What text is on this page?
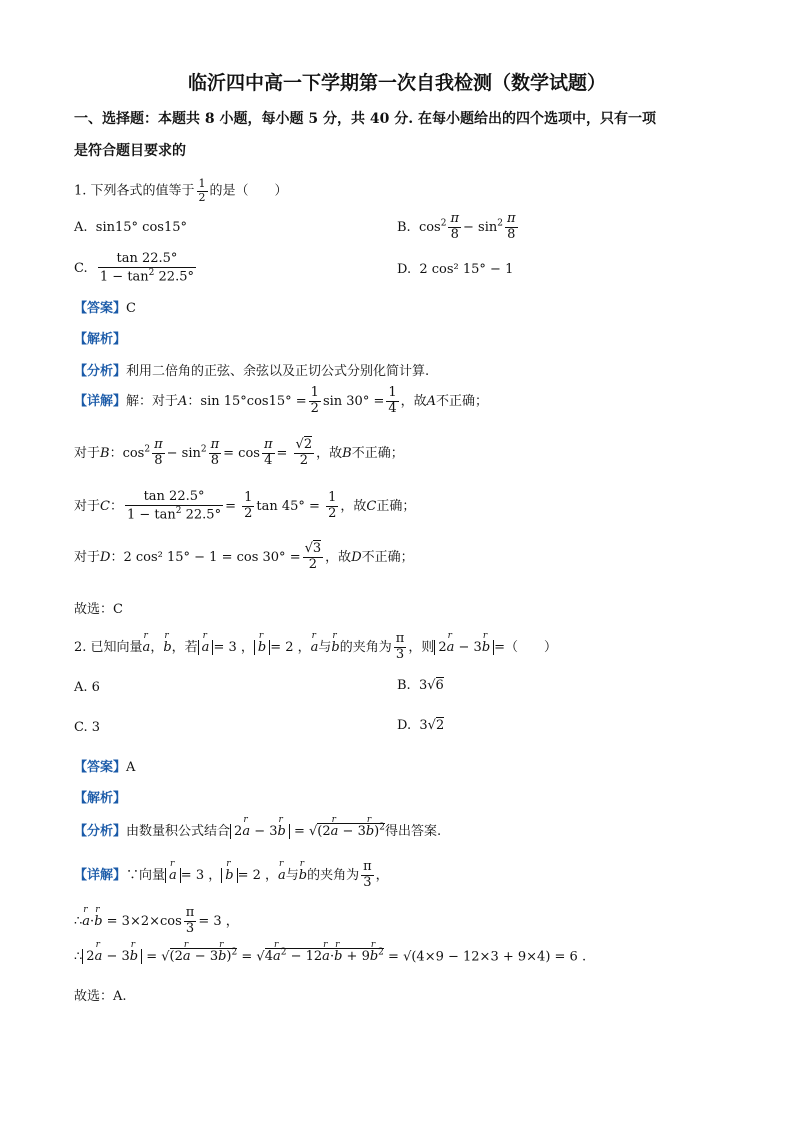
临沂四中高一下学期第一次自我检测（数学试题）
一、选择题：本题共 8 小题，每小题 5 分，共 40 分. 在每小题给出的四个选项中，只有一项
是符合题目要求的
1. 下列各式的值等于 $\frac{1}{2}$ 的是（　　）
A. sin15° cos15°	B.  $\cos^2 \frac{\pi}{8} - \sin^2 \frac{\pi}{8}$
C. $\frac{\tan 22.5^\circ}{1 - \tan^2 22.5^\circ}$	D. 2 cos² 15° − 1
【答案】C
【解析】
【分析】利用二倍角的正弦、余弦以及正切公式分别化简计算.
【详解】解：对于A：$\sin 15^\circ\cos 15^\circ = \frac{1}{2}$ $\sin 30^\circ = \frac{1}{4}$ ，故A不正确；
对于B：$\cos^2 \frac{\pi}{8} - \sin^2 \frac{\pi}{8} = \cos \frac{\pi}{4} = \frac{√2}{2}$ ，故B不正确；
对于C： $\frac{\tan 22.5^\circ}{1 - \tan^2 22.5^\circ} = \frac{1}{2}$ $\tan 45^\circ = \frac{1}{2}$ ，故C正确；
对于D：2 cos² $15^\circ - 1 = \cos 30^\circ = \frac{√3}{2}$ ，故D不正确；
故选：C
2. 已知向量r a，r b，若 r a = 3 ， r b = 2 ，r a与r b的夹角为 $\frac{\pi}{3}$ ，则 2r a − 3r b =（　　）
A. 6	B. 3√6
C. 3	D. 3√2
【答案】A
【解析】
【分析】由数量积公式结合 2r a − 3r b = √(2r a − 3r b)$^2$得出答案.
【详解】∵向量 r a = 3 ， r b = 2 ，r a与r b的夹角为 $\frac{\pi}{3}$ ，
∴r a·r $b = 3\times 2\times\cos \frac{\pi}{3} = 3$ ，
∴ 2r a − 3r b = √(2r a − 3r b)$^2$ = √4r $a^2 - 12r$ a·r b + 9r $b^2 = √(4\times 9 - 12\times 3 + 9\times 4) = 6$ .
故选：A.
